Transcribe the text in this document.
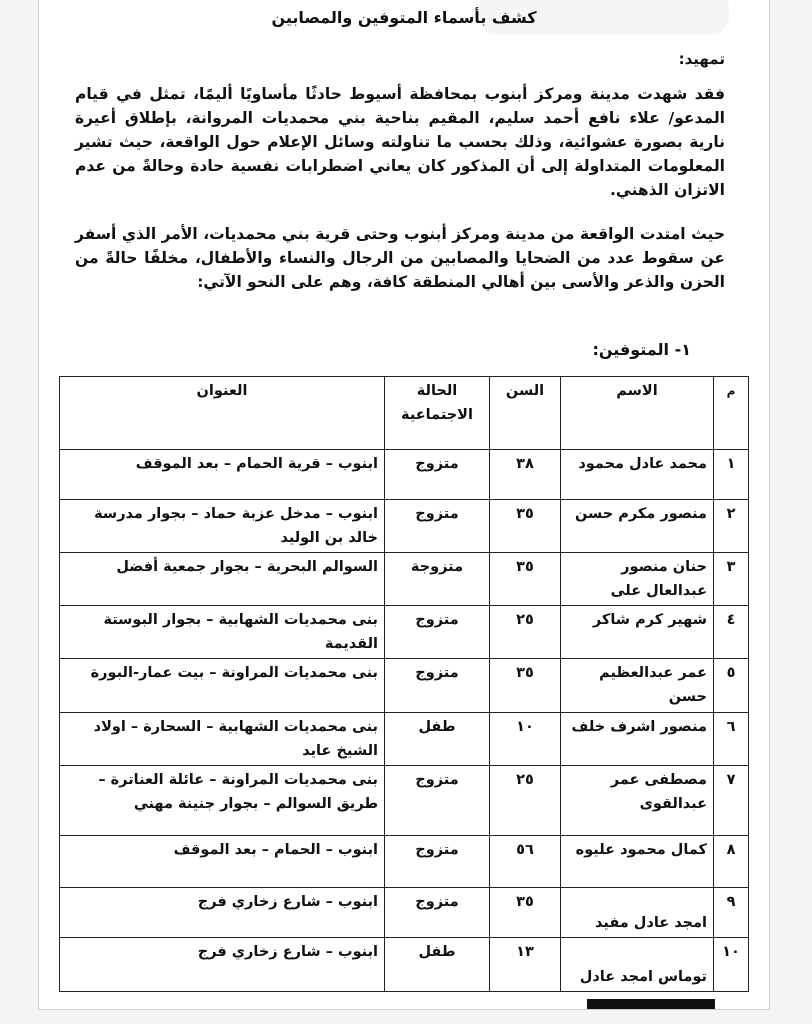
كشف بأسماء المتوفين والمصابين
تمهيد:

فقد شهدت مدينة ومركز أبنوب بمحافظة أسيوط حادثًا مأساويًا أليمًا، تمثل في قيام المدعو/ علاء نافع أحمد سليم، المقيم بناحية بني محمديات المروانة، بإطلاق أعيرة نارية بصورة عشوائية، وذلك بحسب ما تناولته وسائل الإعلام حول الواقعة، حيث تشير المعلومات المتداولة إلى أن المذكور كان يعاني اضطرابات نفسية حادة وحالةً من عدم الاتزان الذهني.

حيث امتدت الواقعة من مدينة ومركز أبنوب وحتى قرية بني محمديات، الأمر الذي أسفر عن سقوط عدد من الضحايا والمصابين من الرجال والنساء والأطفال، مخلفًا حالةً من الحزن والذعر والأسى بين أهالي المنطقة كافة، وهم على النحو الآتي:

١- المتوفين:
م	الاسم	السن	الحالة الاجتماعية	العنوان
١	محمد عادل محمود	٣٨	متزوج	ابنوب – قرية الحمام – بعد الموقف
٢	منصور مكرم حسن	٣٥	متزوج	ابنوب – مدخل عزبة حماد – بجوار مدرسة خالد بن الوليد
٣	حنان منصور عبدالعال على	٣٥	متزوجة	السوالم البحرية – بجوار جمعية أفضل
٤	شهير كرم شاكر	٢٥	متزوج	بنى محمديات الشهابية – بجوار البوستة القديمة
٥	عمر عبدالعظيم حسن	٣٥	متزوج	بنى محمديات المراونة – بيت عمار-البورة
٦	منصور اشرف خلف	١٠	طفل	بنى محمديات الشهابية – السحارة – اولاد الشيخ عايد
٧	مصطفى عمر عبدالقوى	٢٥	متزوج	بنى محمديات المراونة – عائلة العناترة – طريق السوالم – بجوار جنينة مهني
٨	كمال محمود عليوه	٥٦	متزوج	ابنوب – الحمام – بعد الموقف
٩	امجد عادل مفيد	٣٥	متزوج	ابنوب – شارع زخاري فرج
١٠	توماس امجد عادل	١٣	طفل	ابنوب – شارع زخاري فرج
